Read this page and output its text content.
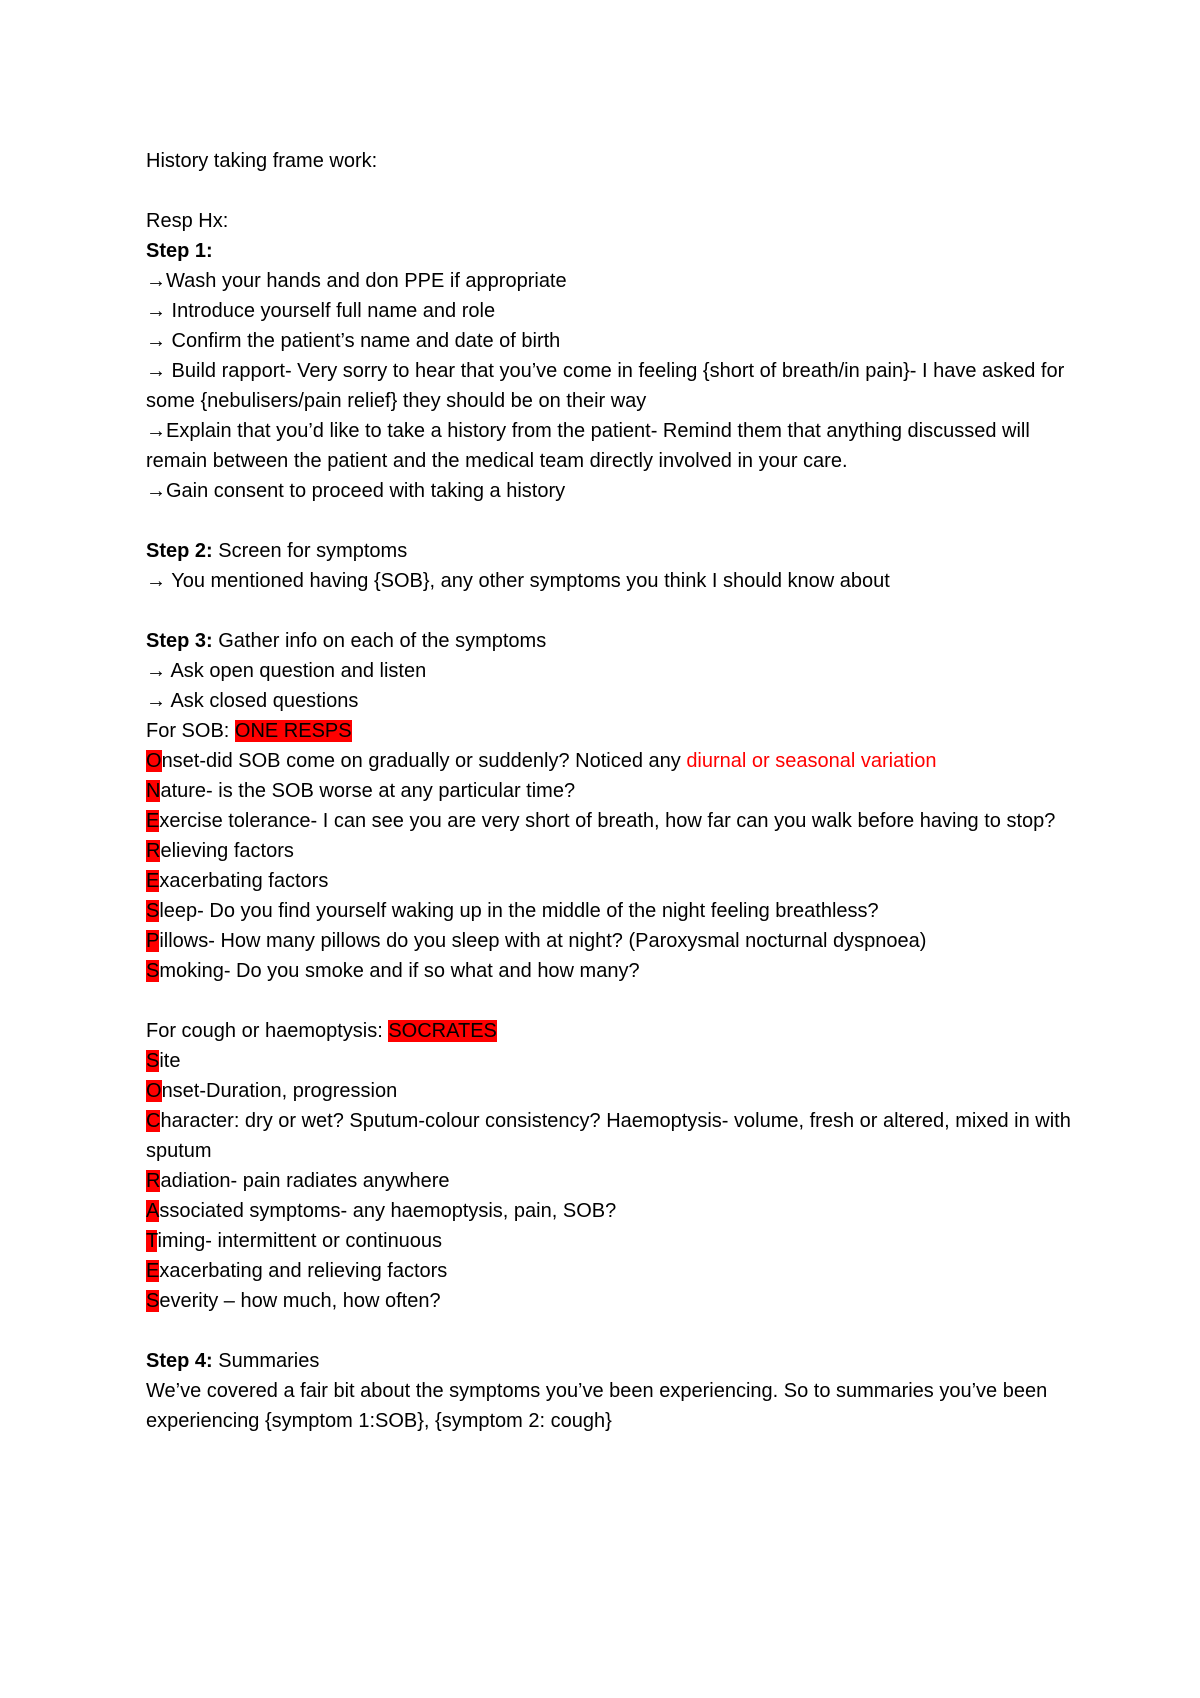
History taking frame work:
Resp Hx:
Step 1:
→Wash your hands and don PPE if appropriate
→ Introduce yourself full name and role
→ Confirm the patient’s name and date of birth
→ Build rapport- Very sorry to hear that you’ve come in feeling {short of breath/in pain}- I have asked for some {nebulisers/pain relief} they should be on their way
→Explain that you’d like to take a history from the patient- Remind them that anything discussed will remain between the patient and the medical team directly involved in your care.
→Gain consent to proceed with taking a history
Step 2: Screen for symptoms
→ You mentioned having {SOB}, any other symptoms you think I should know about
Step 3: Gather info on each of the symptoms
→ Ask open question and listen
→ Ask closed questions
For SOB: ONE RESPS
Onset-did SOB come on gradually or suddenly? Noticed any diurnal or seasonal variation
Nature- is the SOB worse at any particular time?
Exercise tolerance- I can see you are very short of breath, how far can you walk before having to stop?
Relieving factors
Exacerbating factors
Sleep- Do you find yourself waking up in the middle of the night feeling breathless?
Pillows- How many pillows do you sleep with at night? (Paroxysmal nocturnal dyspnoea)
Smoking- Do you smoke and if so what and how many?
For cough or haemoptysis: SOCRATES
Site
Onset-Duration, progression
Character: dry or wet? Sputum-colour consistency? Haemoptysis- volume, fresh or altered, mixed in with sputum
Radiation- pain radiates anywhere
Associated symptoms- any haemoptysis, pain, SOB?
Timing- intermittent or continuous
Exacerbating and relieving factors
Severity – how much, how often?
Step 4: Summaries
We’ve covered a fair bit about the symptoms you’ve been experiencing. So to summaries you’ve been experiencing {symptom 1:SOB}, {symptom 2: cough}
